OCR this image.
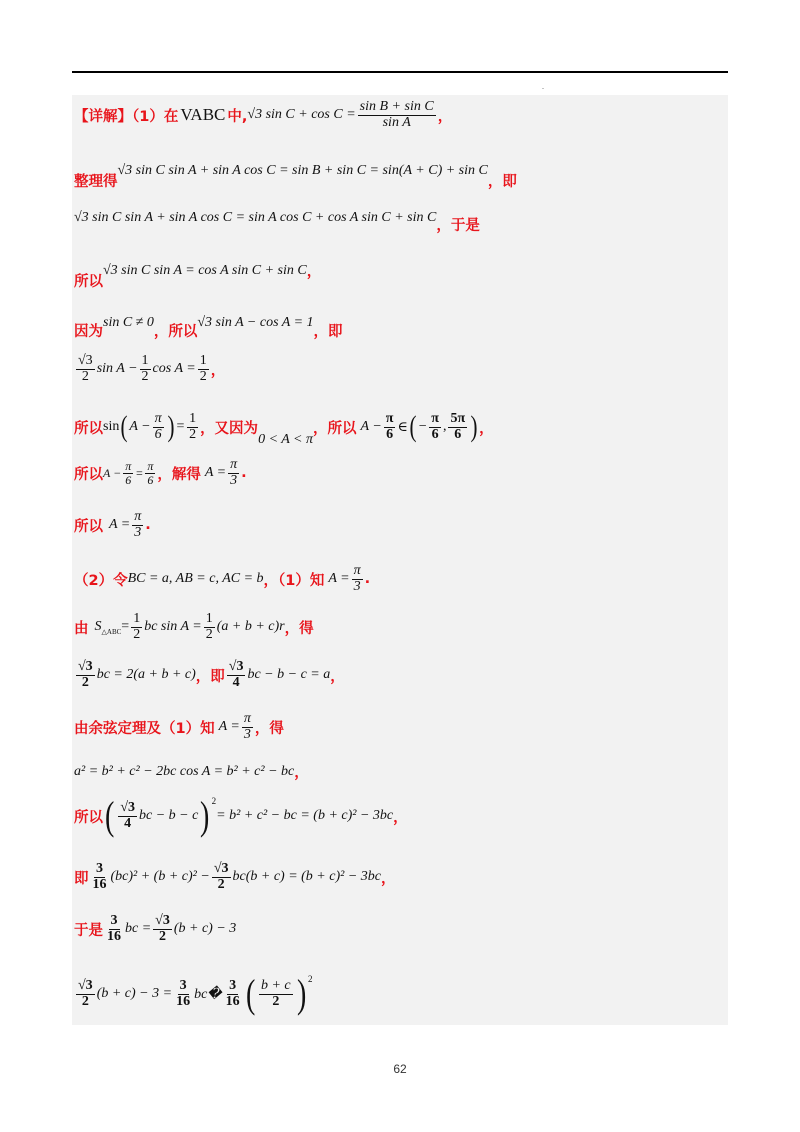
.
【详解】（1）在 VABC 中, √3 $\sin C + \cos C = \frac{\text{sin B + sin C}}{\text{sin A}}$ ，
整理得
√3 sin C sin A + sin A cos C = sin B + sin C = sin(A + C) + sin C
，即
√3 sin C sin A + sin A cos C = sin A cos C + cos A sin C + sin C
，于是
所以
√3 sin C sin A = cos A sin C + sin C ，
因为
sin C ≠ 0
，所以
√3 sin A − cos A = 1
，即
$\frac{√3}{2}$ $\sin A - \frac{1}{2}$ $\cos A = \frac{1}{2}$ ，
所以 sin ( $A - \frac{\pi}{6}$ ) = $\frac{1}{2}$ ，又因为
0 < A < π
，所以 $A - \frac{\pi}{6}$ ∈ ( − $\frac{\pi}{6}$ , $\frac{5\pi}{6}$ ) ，
所以 $A - \frac{\pi}{6} = \frac{\pi}{6}$ ，解得 $A = \frac{\pi}{3}$ .
所以 $A = \frac{\pi}{3}$ .
（2）令 BC = a, AB = c, AC = b ，（1）知 $A = \frac{\pi}{3}$ .
由 $S_{\triangle ABC} = \frac{1}{2}$ bc $\sin A = \frac{1}{2} (a + b + c)r$ ，得
$\frac{√3}{2}$ bc = 2(a + b + c) ，即 $\frac{√3}{4}$ bc − b − c = a ，
由余弦定理及（1）知 $A = \frac{\pi}{3}$ ，得
a² = b² + c² − 2bc cos A = b² + c² − bc ，
所以 ( $\frac{√3}{4}$ bc − b − c ) 2
= b² + c² − bc = (b + c)² − 3bc ，
即 $\frac{3}{16} (bc)^2 + (b + c)^2 - \frac{√3}{2} bc(b + c) = (b + c)^2 - 3bc$ ，
于是 $\frac{3}{16}$ bc = $\frac{√3}{2} (b + c) - 3$
$\frac{√3}{2} (b + c) - 3 = \frac{3}{16}$ bc� $\frac{3}{16}$ ( $\frac{b + c}{2}$ ) 2
62
